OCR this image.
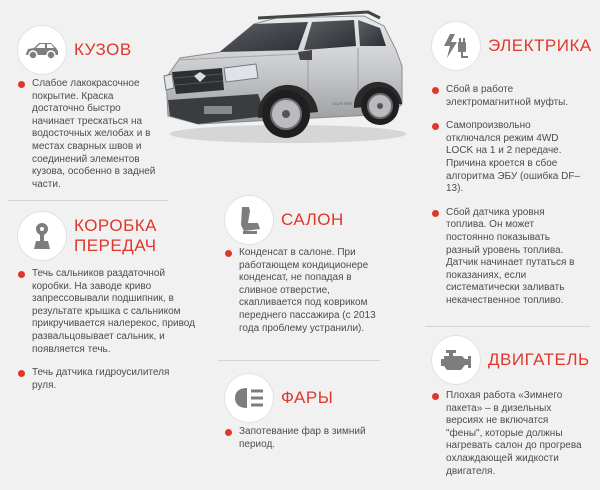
DUSTER
КУЗОВ
Слабое лакокрасочное покрытие. Краска достаточно быстро начинает трескаться на водосточных желобах и в местах сварных швов и соединений элементов кузова, особенно в задней части.
КОРОБКА
ПЕРЕДАЧ
Течь сальников раздаточной коробки. На заводе криво запрессовывали подшипник, в результате крышка с сальником прикручивается налерекос, привод развальцовывает сальник, и появляется течь.
Течь датчика гидроусилителя руля.
САЛОН
Конденсат в салоне. При работающем кондиционере конденсат, не попадая в сливное отверстие, скапливается под ковриком переднего пассажира (с 2013 года проблему устранили).
ФАРЫ
Запотевание фар в зимний период.
ЭЛЕКТРИКА
Сбой в работе электромагнитной муфты.
Самопроизвольно отключался режим 4WD LOCK на 1 и 2 передаче. Причина кроется в сбое алгоритма ЭБУ (ошибка DF–13).
Сбой датчика уровня топлива. Он может постоянно показывать разный уровень топлива. Датчик начинает путаться в показаниях, если систематически заливать некачественное топливо.
ДВИГАТЕЛЬ
Плохая работа «Зимнего пакета» – в дизельных версиях не включатся "фены", которые должны нагревать салон до прогрева охлаждающей жидкости двигателя.
